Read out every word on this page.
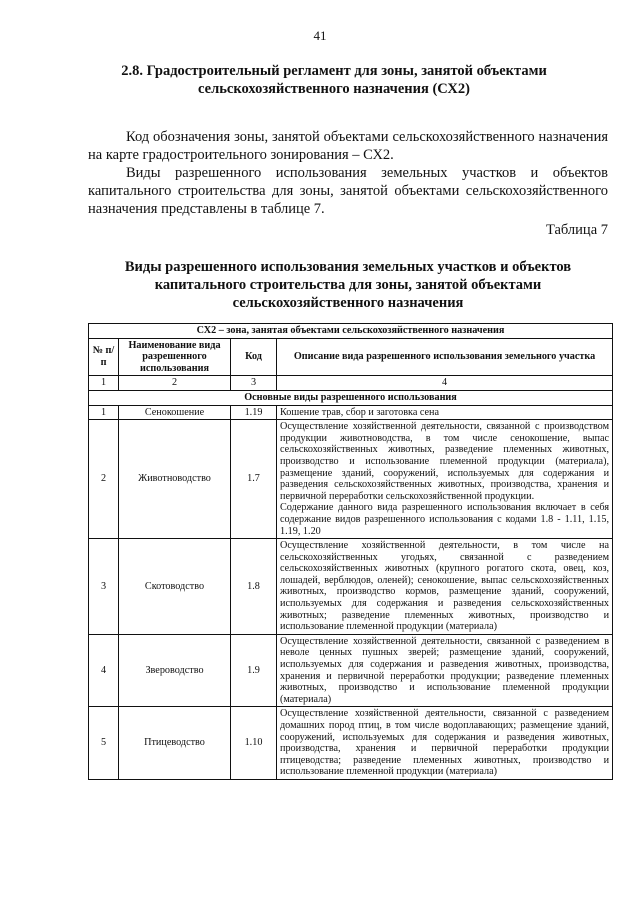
41
2.8. Градостроительный регламент для зоны, занятой объектами сельскохозяйственного назначения (СХ2)

Код обозначения зоны, занятой объектами сельскохозяйственного назначения на карте градостроительного зонирования – СХ2.

Виды разрешенного использования земельных участков и объектов капитального строительства для зоны, занятой объектами сельскохозяйственного назначения представлены в таблице 7.

Таблица 7
Виды разрешенного использования земельных участков и объектов капитального строительства для зоны, занятой объектами сельскохозяйственного назначения
СХ2 – зона, занятая объектами сельскохозяйственного назначения			
№ п/п	Наименование вида разрешенного использования	Код	Описание вида разрешенного использования земельного участка
1	2	3	4
Основные виды разрешенного использования			
1	Сенокошение	1.19	Кошение трав, сбор и заготовка сена
2	Животноводство	1.7	Осуществление хозяйственной деятельности, связанной с производством продукции животноводства, в том числе сенокошение, выпас сельскохозяйственных животных, разведение племенных животных, производство и использование племенной продукции (материала), размещение зданий, сооружений, используемых для содержания и разведения сельскохозяйственных животных, производства, хранения и первичной переработки сельскохозяйственной продукции.
Содержание данного вида разрешенного использования включает в себя содержание видов разрешенного использования с кодами 1.8 - 1.11, 1.15, 1.19, 1.20

3	Скотоводство	1.8	Осуществление хозяйственной деятельности, в том числе на сельскохозяйственных угодьях, связанной с разведением сельскохозяйственных животных (крупного рогатого скота, овец, коз, лошадей, верблюдов, оленей); сенокошение, выпас сельскохозяйственных животных, производство кормов, размещение зданий, сооружений, используемых для содержания и разведения сельскохозяйственных животных; разведение племенных животных, производство и использование племенной продукции (материала)
4	Звероводство	1.9	Осуществление хозяйственной деятельности, связанной с разведением в неволе ценных пушных зверей; размещение зданий, сооружений, используемых для содержания и разведения животных, производства, хранения и первичной переработки продукции; разведение племенных животных, производство и использование племенной продукции (материала)
5	Птицеводство	1.10	Осуществление хозяйственной деятельности, связанной с разведением домашних пород птиц, в том числе водоплавающих; размещение зданий, сооружений, используемых для содержания и разведения животных, производства, хранения и первичной переработки продукции птицеводства; разведение племенных животных, производство и использование племенной продукции (материала)
